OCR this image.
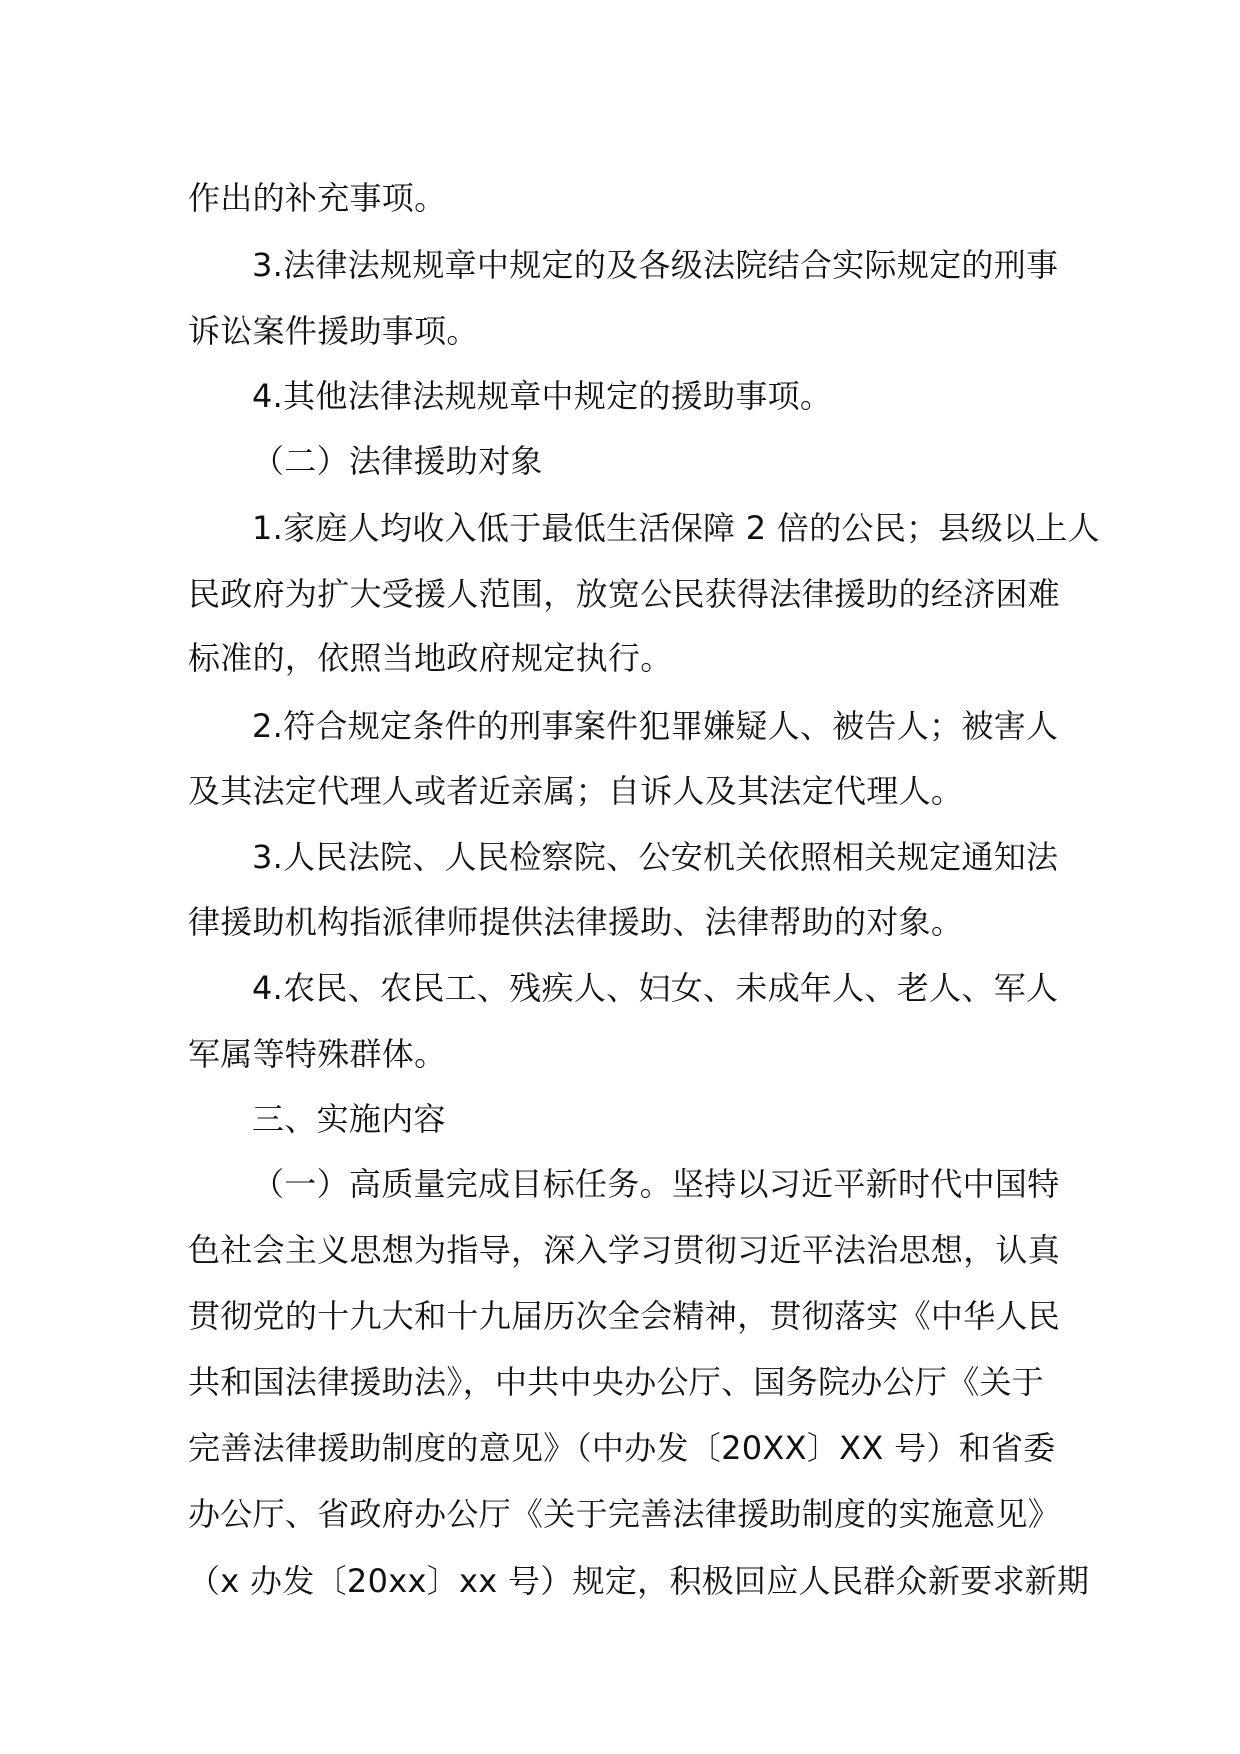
作出的补充事项。
3.法律法规规章中规定的及各级法院结合实际规定的刑事
诉讼案件援助事项。
4.其他法律法规规章中规定的援助事项。
（二）法律援助对象
1.家庭人均收入低于最低生活保障 2 倍的公民；县级以上人
民政府为扩大受援人范围，放宽公民获得法律援助的经济困难
标准的，依照当地政府规定执行。
2.符合规定条件的刑事案件犯罪嫌疑人、被告人；被害人
及其法定代理人或者近亲属；自诉人及其法定代理人。
3.人民法院、人民检察院、公安机关依照相关规定通知法
律援助机构指派律师提供法律援助、法律帮助的对象。
4.农民、农民工、残疾人、妇女、未成年人、老人、军人
军属等特殊群体。
三、实施内容
（一）高质量完成目标任务。坚持以习近平新时代中国特
色社会主义思想为指导，深入学习贯彻习近平法治思想，认真
贯彻党的十九大和十九届历次全会精神，贯彻落实《中华人民
共和国法律援助法》，中共中央办公厅、国务院办公厅《关于
完善法律援助制度的意见》（中办发〔20XX〕XX 号）和省委
办公厅、省政府办公厅《关于完善法律援助制度的实施意见》
（x 办发〔20xx〕xx 号）规定，积极回应人民群众新要求新期
